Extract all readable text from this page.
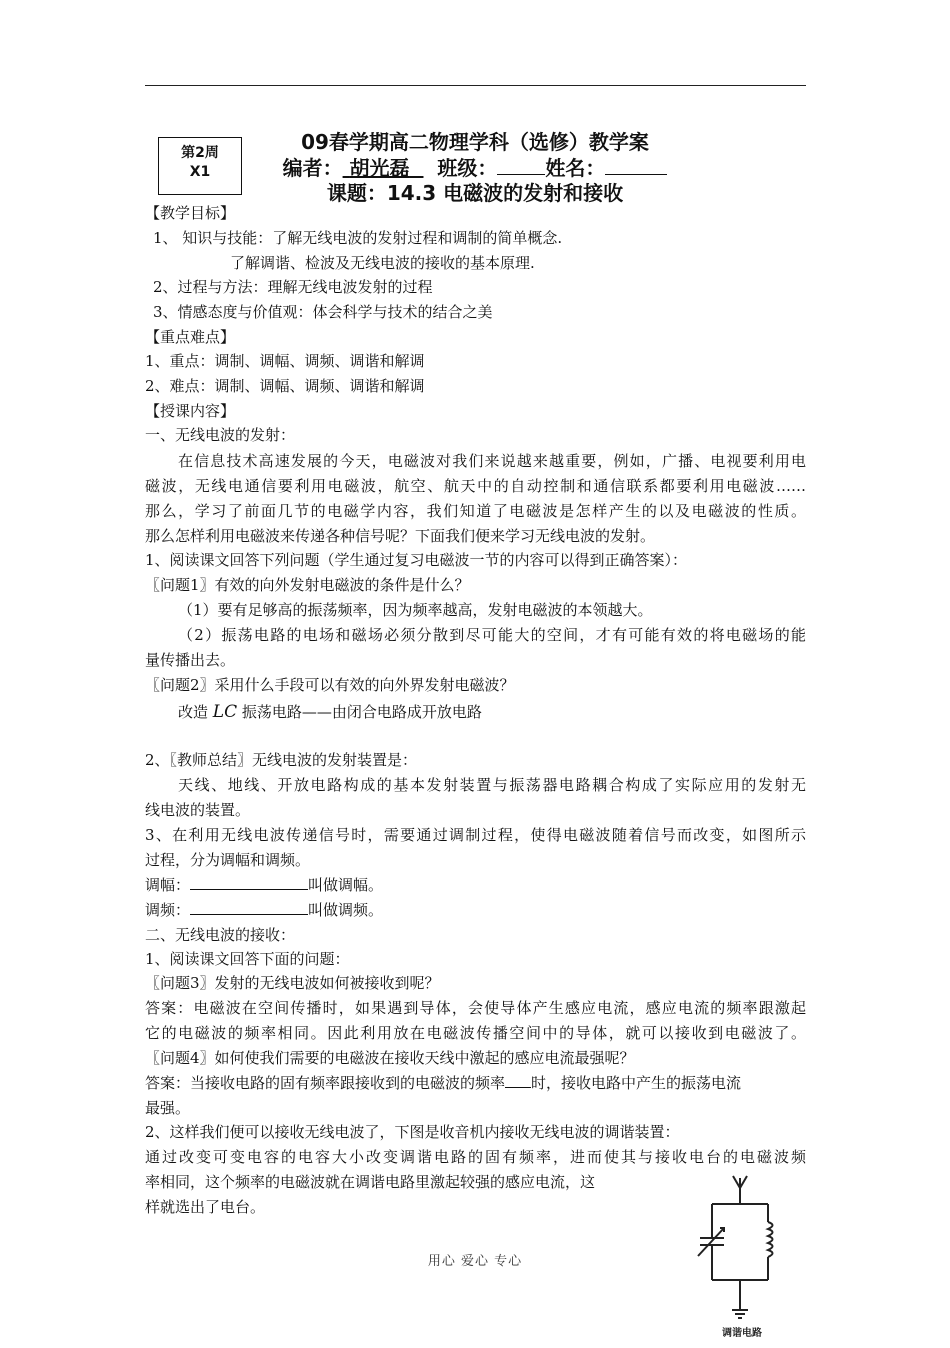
第2周
X1
09春学期高二物理学科（选修）教学案
编者： 胡光磊 班级： 姓名：
课题：14.3 电磁波的发射和接收
【教学目标】
1、 知识与技能：了解无线电波的发射过程和调制的简单概念.
了解调谐、检波及无线电波的接收的基本原理.
2、过程与方法：理解无线电波发射的过程
3、情感态度与价值观：体会科学与技术的结合之美
【重点难点】
1、重点：调制、调幅、调频、调谐和解调
2、难点：调制、调幅、调频、调谐和解调
【授课内容】
一、无线电波的发射：
在信息技术高速发展的今天，电磁波对我们来说越来越重要，例如，广播、电视要利用电
磁波，无线电通信要利用电磁波，航空、航天中的自动控制和通信联系都要利用电磁波……
那么，学习了前面几节的电磁学内容，我们知道了电磁波是怎样产生的以及电磁波的性质。
那么怎样利用电磁波来传递各种信号呢？下面我们便来学习无线电波的发射。
1、阅读课文回答下列问题（学生通过复习电磁波一节的内容可以得到正确答案）：
〖问题1〗有效的向外发射电磁波的条件是什么？
（1）要有足够高的振荡频率，因为频率越高，发射电磁波的本领越大。
（2）振荡电路的电场和磁场必须分散到尽可能大的空间，才有可能有效的将电磁场的能
量传播出去。
〖问题2〗采用什么手段可以有效的向外界发射电磁波？
改造 LC 振荡电路——由闭合电路成开放电路
2、〖教师总结〗无线电波的发射装置是：
天线、地线、开放电路构成的基本发射装置与振荡器电路耦合构成了实际应用的发射无
线电波的装置。
3、在利用无线电波传递信号时，需要通过调制过程，使得电磁波随着信号而改变，如图所示
过程，分为调幅和调频。
调幅：	叫做调幅。
调频：	叫做调频。
二、无线电波的接收：
1、阅读课文回答下面的问题：
〖问题3〗发射的无线电波如何被接收到呢？
答案：电磁波在空间传播时，如果遇到导体，会使导体产生感应电流，感应电流的频率跟激起
它的电磁波的频率相同。因此利用放在电磁波传播空间中的导体，就可以接收到电磁波了。
〖问题4〗如何使我们需要的电磁波在接收天线中激起的感应电流最强呢？
答案：当接收电路的固有频率跟接收到的电磁波的频率 时，接收电路中产生的振荡电流
最强。
2、这样我们便可以接收无线电波了，下图是收音机内接收无线电波的调谐装置：
通过改变可变电容的电容大小改变调谐电路的固有频率，进而使其与接收电台的电磁波频
率相同，这个频率的电磁波就在调谐电路里激起较强的感应电流，这
样就选出了电台。
用心 爱心 专心
调谐电路
